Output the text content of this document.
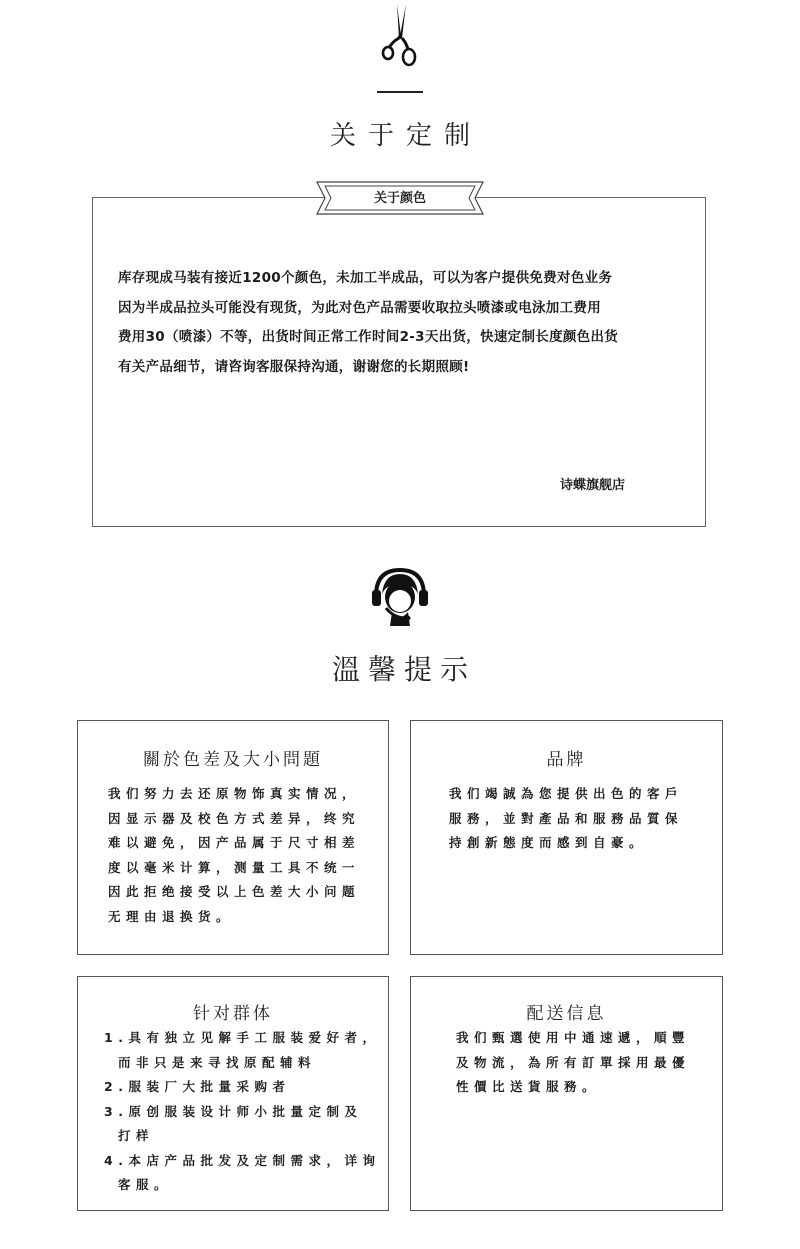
关于定制
关于颜色
库存现成马装有接近1200个颜色，未加工半成品，可以为客户提供免费对色业务
因为半成品拉头可能没有现货，为此对色产品需要收取拉头喷漆或电泳加工费用
费用30（喷漆）不等，出货时间正常工作时间2-3天出货，快速定制长度颜色出货
有关产品细节，请咨询客服保持沟通，谢谢您的长期照顾!
诗蝶旗舰店
溫馨提示
關於色差及大小問題
我们努力去还原物饰真实情况，
因显示器及校色方式差异，终究
难以避免，因产品属于尺寸相差
度以毫米计算，测量工具不统一
因此拒绝接受以上色差大小问题
无理由退换货。
品牌
我们竭誠為您提供出色的客戶
服務，並對產品和服務品質保
持創新態度而感到自豪。
针对群体
1.具有独立见解手工服装爱好者，
而非只是来寻找原配辅料
2.服装厂大批量采购者
3.原创服装设计师小批量定制及
打样
4.本店产品批发及定制需求，详询
客服。
配送信息
我们甄選使用中通速遞，順豐
及物流，為所有訂單採用最優
性價比送貨服務。
